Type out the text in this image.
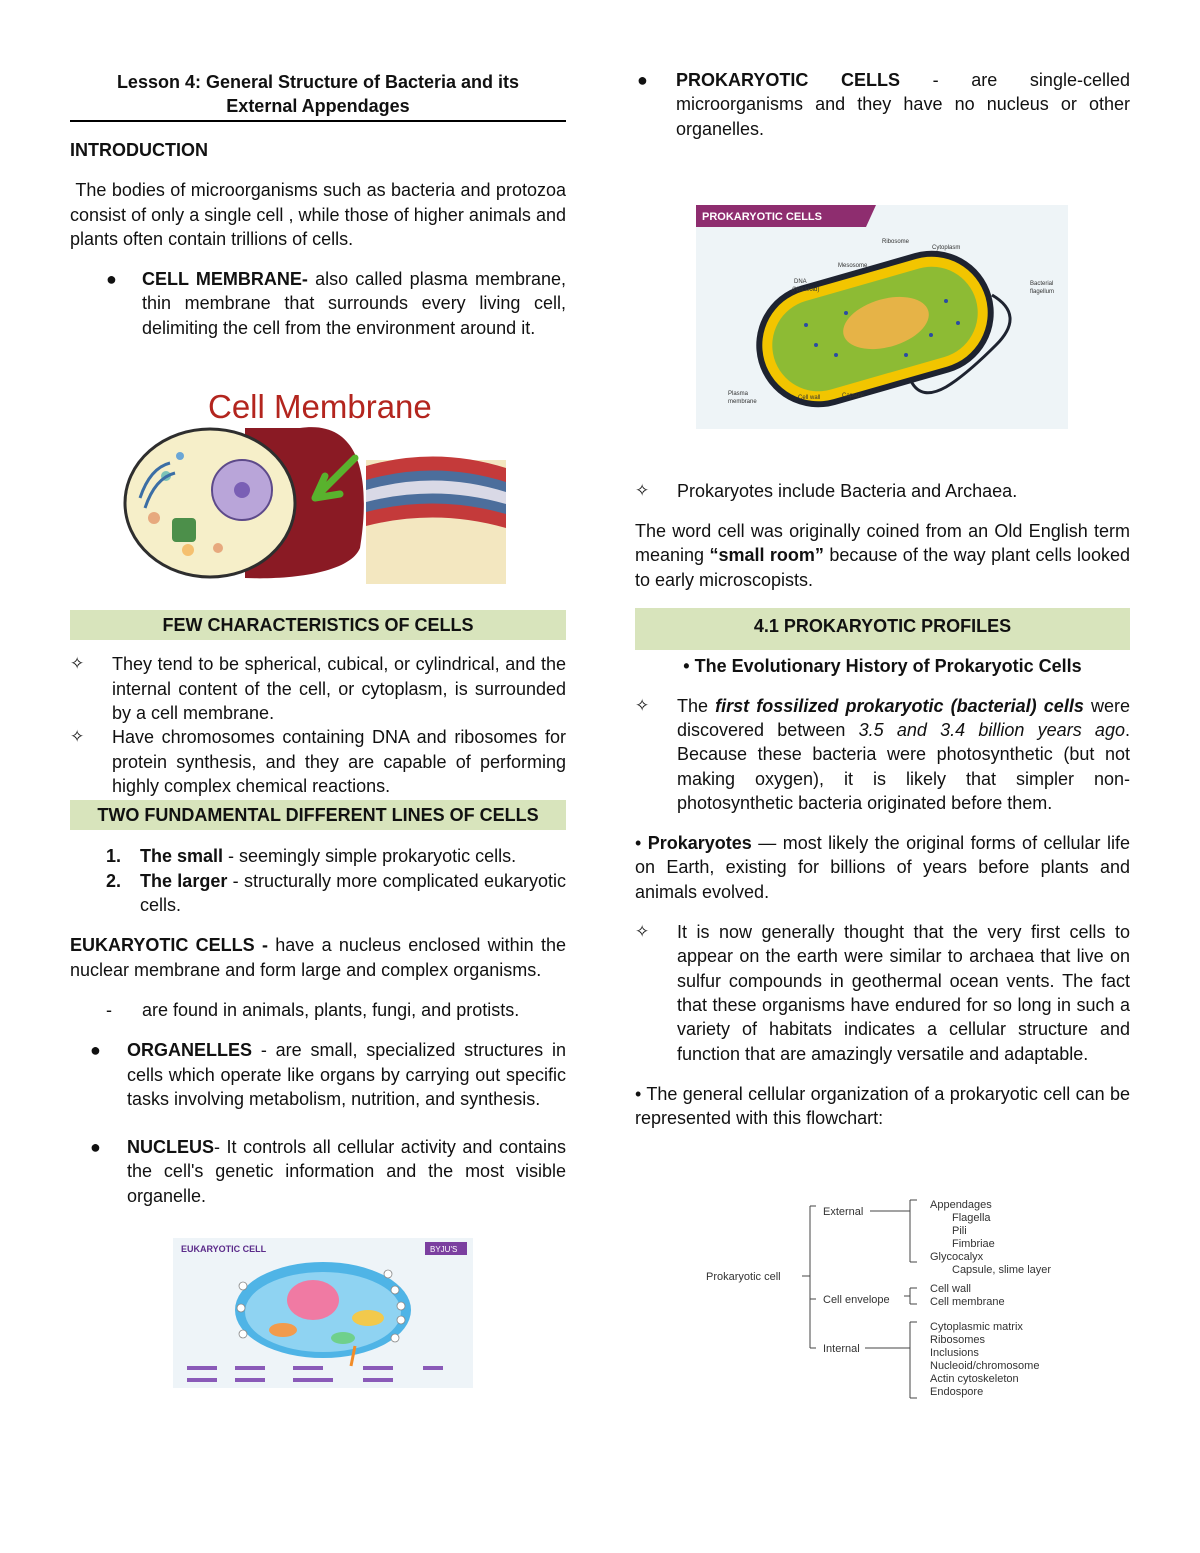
Lesson 4: General Structure of Bacteria and its
External Appendages

INTRODUCTION

The bodies of microorganisms such as bacteria and protozoa consist of only a single cell , while those of higher animals and plants often contain trillions of cells.

● CELL MEMBRANE- also called plasma membrane, thin membrane that surrounds every living cell, delimiting the cell from the environment around it.
Cell Membrane

FEW CHARACTERISTICS OF CELLS

✧ They tend to be spherical, cubical, or cylindrical, and the internal content of the cell, or cytoplasm, is surrounded by a cell membrane.
✧ Have chromosomes containing DNA and ribosomes for protein synthesis, and they are capable of performing highly complex chemical reactions.

TWO FUNDAMENTAL DIFFERENT LINES OF CELLS

1. The small - seemingly simple prokaryotic cells.
2. The larger - structurally more complicated eukaryotic cells.

EUKARYOTIC CELLS - have a nucleus enclosed within the nuclear membrane and form large and complex organisms.

- are found in animals, plants, fungi, and protists.
● ORGANELLES - are small, specialized structures in cells which operate like organs by carrying out specific tasks involving metabolism, nutrition, and synthesis.
● NUCLEUS- It controls all cellular activity and contains the cell's genetic information and the most visible organelle.
EUKARYOTIC CELL	BYJU'S
● PROKARYOTIC CELLS - are single-celled microorganisms and they have no nucleus or other organelles.
PROKARYOTIC CELLS
Ribosome
Cytoplasm
Mesosome
DNA
(Nucleoid)
Bacterial
flagellum
Plasma
membrane
Cell wall	Capsule
✧ Prokaryotes include Bacteria and Archaea.

The word cell was originally coined from an Old English term meaning “small room” because of the way plant cells looked to early microscopists.

4.1 PROKARYOTIC PROFILES

• The Evolutionary History of Prokaryotic Cells

✧ The first fossilized prokaryotic (bacterial) cells were discovered between 3.5 and 3.4 billion years ago. Because these bacteria were photosynthetic (but not making oxygen), it is likely that simpler non-photosynthetic bacteria originated before them.

• Prokaryotes — most likely the original forms of cellular life on Earth, existing for billions of years before plants and animals evolved.

✧ It is now generally thought that the very first cells to appear on the earth were similar to archaea that live on sulfur compounds in geothermal ocean vents. The fact that these organisms have endured for so long in such a variety of habitats indicates a cellular structure and function that are amazingly versatile and adaptable.

• The general cellular organization of a prokaryotic cell can be represented with this flowchart:

Prokaryotic cell
External
Cell envelope
Internal
Appendages
Flagella
Pili
Fimbriae
Glycocalyx
Capsule, slime layer
Cell wall
Cell membrane
Cytoplasmic matrix
Ribosomes
Inclusions
Nucleoid/chromosome
Actin cytoskeleton
Endospore
